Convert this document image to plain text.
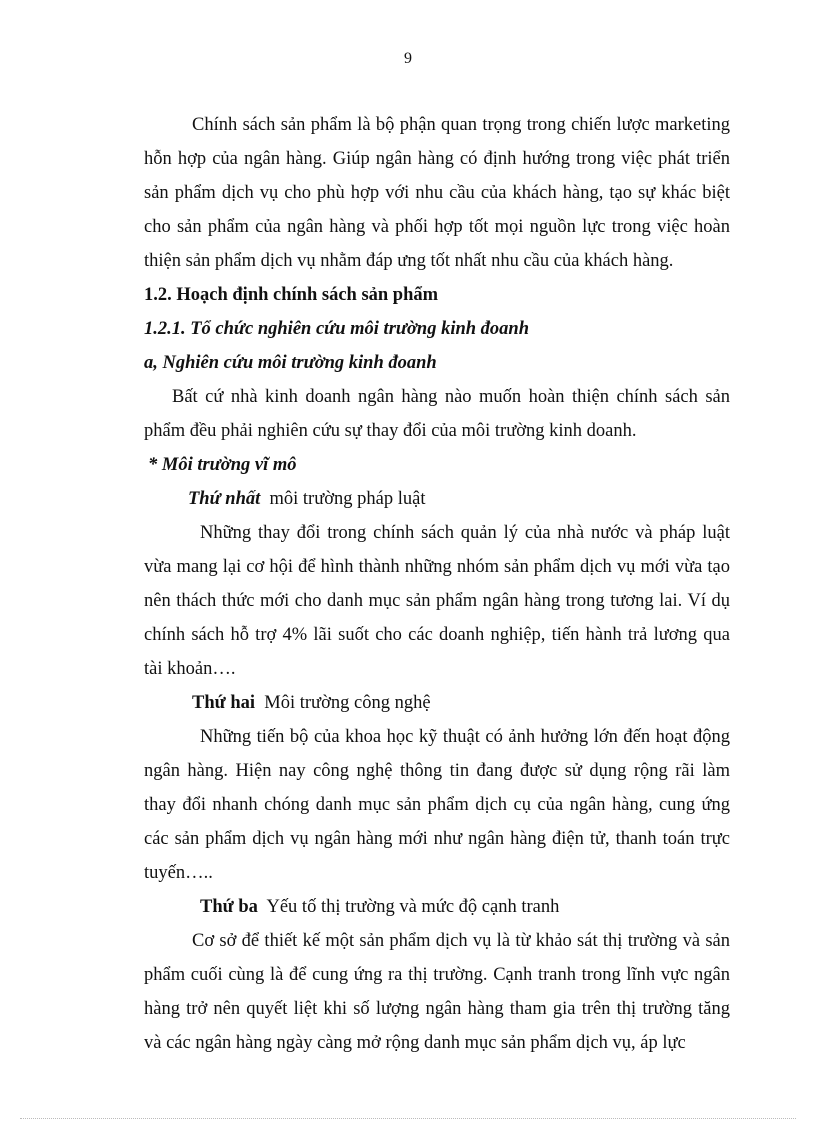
9
Chính sách sản phẩm là bộ phận quan trọng trong chiến lược marketing
hỗn hợp của ngân hàng. Giúp ngân hàng có định hướng trong việc phát triển
sản phẩm dịch vụ cho phù hợp với nhu cầu của khách hàng, tạo sự khác biệt
cho sản phẩm của ngân hàng và phối hợp tốt mọi nguồn lực trong việc hoàn
thiện sản phẩm dịch vụ nhằm đáp ưng tốt nhất nhu cầu của khách hàng.
1.2. Hoạch định chính sách sản phẩm
1.2.1. Tổ chức nghiên cứu môi trường kinh đoanh
a, Nghiên cứu môi trường kinh đoanh
Bất cứ nhà kinh doanh ngân hàng nào muốn hoàn thiện chính sách sản
phẩm đều phải nghiên cứu sự thay đổi của môi trường kinh doanh.
* Môi trường vĩ mô
Thứ nhất môi trường pháp luật
Những thay đổi trong chính sách quản lý của nhà nước và pháp luật
vừa mang lại cơ hội để hình thành những nhóm sản phẩm dịch vụ mới vừa tạo
nên thách thức mới cho danh mục sản phẩm ngân hàng trong tương lai. Ví dụ
chính sách hỗ trợ 4% lãi suốt cho các doanh nghiệp, tiến hành trả lương qua
tài khoản….
Thứ hai Môi trường công nghệ
Những tiến bộ của khoa học kỹ thuật có ảnh hưởng lớn đến hoạt động
ngân hàng. Hiện nay công nghệ thông tin đang được sử dụng rộng rãi làm
thay đổi nhanh chóng danh mục sản phẩm dịch cụ của ngân hàng, cung ứng
các sản phẩm dịch vụ ngân hàng mới như ngân hàng điện tử, thanh toán trực
tuyến…..
Thứ ba Yếu tố thị trường và mức độ cạnh tranh
Cơ sở để thiết kế một sản phẩm dịch vụ là từ khảo sát thị trường và sản
phẩm cuối cùng là để cung ứng ra thị trường. Cạnh tranh trong lĩnh vực ngân
hàng trở nên quyết liệt khi số lượng ngân hàng tham gia trên thị trường tăng
và các ngân hàng ngày càng mở rộng danh mục sản phẩm dịch vụ, áp lực
